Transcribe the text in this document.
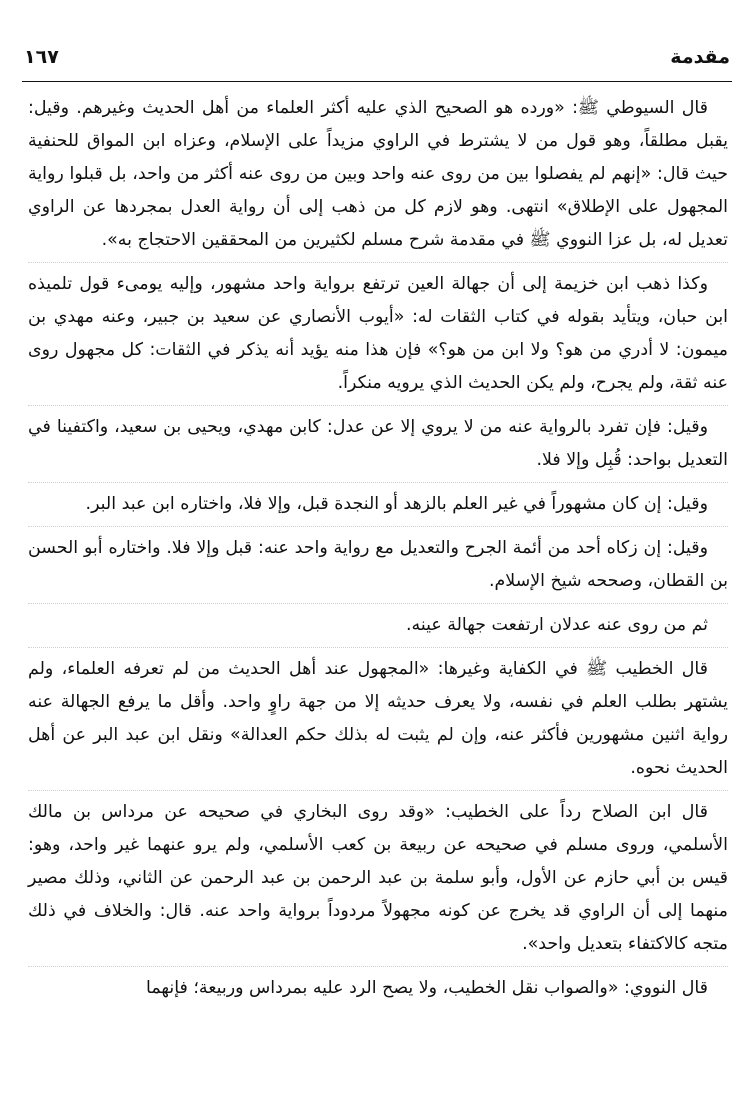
مقدمة
١٦٧

قال السيوطي ﷺ: «ورده هو الصحيح الذي عليه أكثر العلماء من أهل الحديث وغيرهم. وقيل: يقبل مطلقاً، وهو قول من لا يشترط في الراوي مزيداً على الإسلام، وعزاه ابن المواق للحنفية حيث قال: «إنهم لم يفصلوا بين من روى عنه واحد وبين من روى عنه أكثر من واحد، بل قبلوا رواية المجهول على الإطلاق» انتهى. وهو لازم كل من ذهب إلى أن رواية العدل بمجردها عن الراوي تعديل له، بل عزا النووي ﷺ في مقدمة شرح مسلم لكثيرين من المحققين الاحتجاج به».

وكذا ذهب ابن خزيمة إلى أن جهالة العين ترتفع برواية واحد مشهور، وإليه يومىء قول تلميذه ابن حبان، ويتأيد بقوله في كتاب الثقات له: «أيوب الأنصاري عن سعيد بن جبير، وعنه مهدي بن ميمون: لا أدري من هو؟ ولا ابن من هو؟» فإن هذا منه يؤيد أنه يذكر في الثقات: كل مجهول روى عنه ثقة، ولم يجرح، ولم يكن الحديث الذي يرويه منكراً.

وقيل: فإن تفرد بالرواية عنه من لا يروي إلا عن عدل: كابن مهدي، ويحيى بن سعيد، واكتفينا في التعديل بواحد: قُبِل وإلا فلا.

وقيل: إن كان مشهوراً في غير العلم بالزهد أو النجدة قبل، وإلا فلا، واختاره ابن عبد البر.

وقيل: إن زكاه أحد من أئمة الجرح والتعديل مع رواية واحد عنه: قبل وإلا فلا. واختاره أبو الحسن بن القطان، وصححه شيخ الإسلام.

ثم من روى عنه عدلان ارتفعت جهالة عينه.

قال الخطيب ﷺ في الكفاية وغيرها: «المجهول عند أهل الحديث من لم تعرفه العلماء، ولم يشتهر بطلب العلم في نفسه، ولا يعرف حديثه إلا من جهة راوٍ واحد. وأقل ما يرفع الجهالة عنه رواية اثنين مشهورين فأكثر عنه، وإن لم يثبت له بذلك حكم العدالة» ونقل ابن عبد البر عن أهل الحديث نحوه.

قال ابن الصلاح رداً على الخطيب: «وقد روى البخاري في صحيحه عن مرداس بن مالك الأسلمي، وروى مسلم في صحيحه عن ربيعة بن كعب الأسلمي، ولم يرو عنهما غير واحد، وهو: قيس بن أبي حازم عن الأول، وأبو سلمة بن عبد الرحمن بن عبد الرحمن عن الثاني، وذلك مصير منهما إلى أن الراوي قد يخرج عن كونه مجهولاً مردوداً برواية واحد عنه. قال: والخلاف في ذلك متجه كالاكتفاء بتعديل واحد».

قال النووي: «والصواب نقل الخطيب، ولا يصح الرد عليه بمرداس وربيعة؛ فإنهما
